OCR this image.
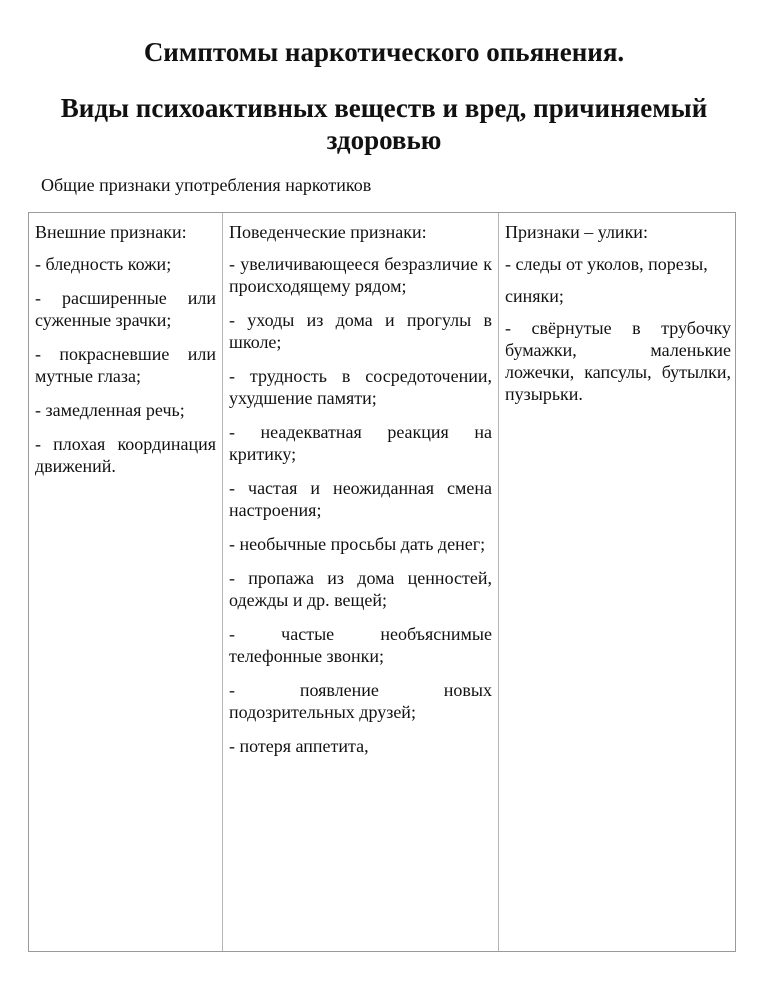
Симптомы наркотического опьянения.
Виды психоактивных веществ и вред, причиняемый здоровью

Общие признаки употребления наркотиков

Внешние признаки:

- бледность кожи;

- расширенные или суженные зрачки;

- покрасневшие или мутные глаза;

- замедленная речь;

- плохая координация движений.

Поведенческие признаки:

- увеличивающееся безразличие к происходящему рядом;

- уходы из дома и прогулы в школе;

- трудность в сосредоточении, ухудшение памяти;

- неадекватная реакция на критику;

- частая и неожиданная смена настроения;

- необычные просьбы дать денег;

- пропажа из дома ценностей, одежды и др. вещей;

- частые необъяснимые телефонные звонки;

- появление новых подозрительных друзей;

- потеря аппетита,

Признаки – улики:

- следы от уколов, порезы,

синяки;

- свёрнутые в трубочку бумажки, маленькие ложечки, капсулы, бутылки, пузырьки.
